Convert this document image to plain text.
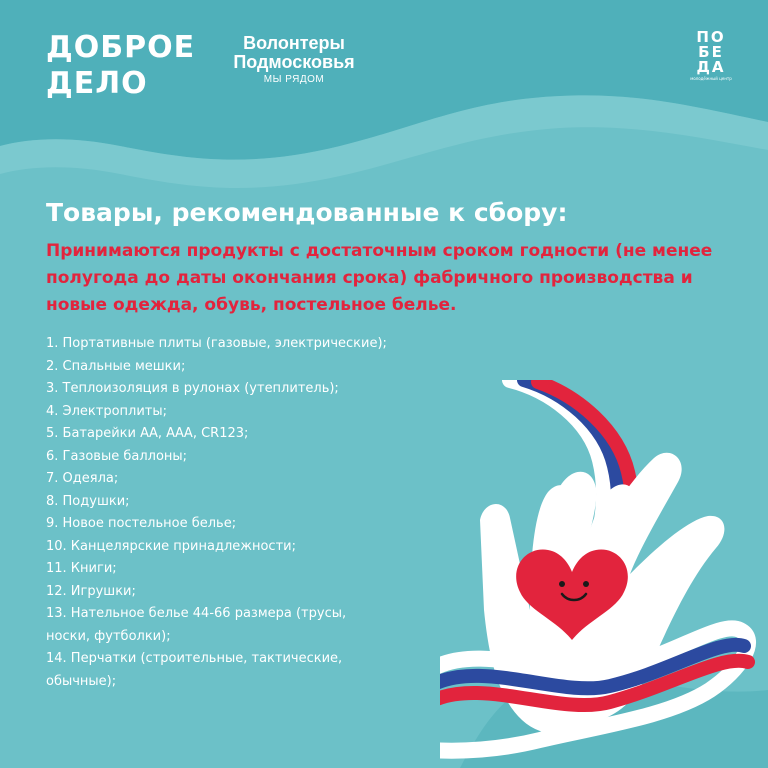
ДОБРОЕ
ДЕЛО
Волонтеры
Подмосковья
МЫ РЯДОМ
ПО
БЕ
ДА
молодёжный центр
Товары, рекомендованные к сбору:
Принимаются продукты с достаточным сроком годности (не менее полугода до даты окончания срока) фабричного производства и новые одежда, обувь, постельное белье.
1. Портативные плиты (газовые, электрические);
2. Спальные мешки;
3. Теплоизоляция в рулонах (утеплитель);
4. Электроплиты;
5. Батарейки АА, ААА, CR123;
6. Газовые баллоны;
7. Одеяла;
8. Подушки;
9. Новое постельное белье;
10. Канцелярские принадлежности;
11. Книги;
12. Игрушки;
13. Нательное белье 44-66 размера (трусы,
носки, футболки);
14. Перчатки (строительные, тактические,
обычные);
